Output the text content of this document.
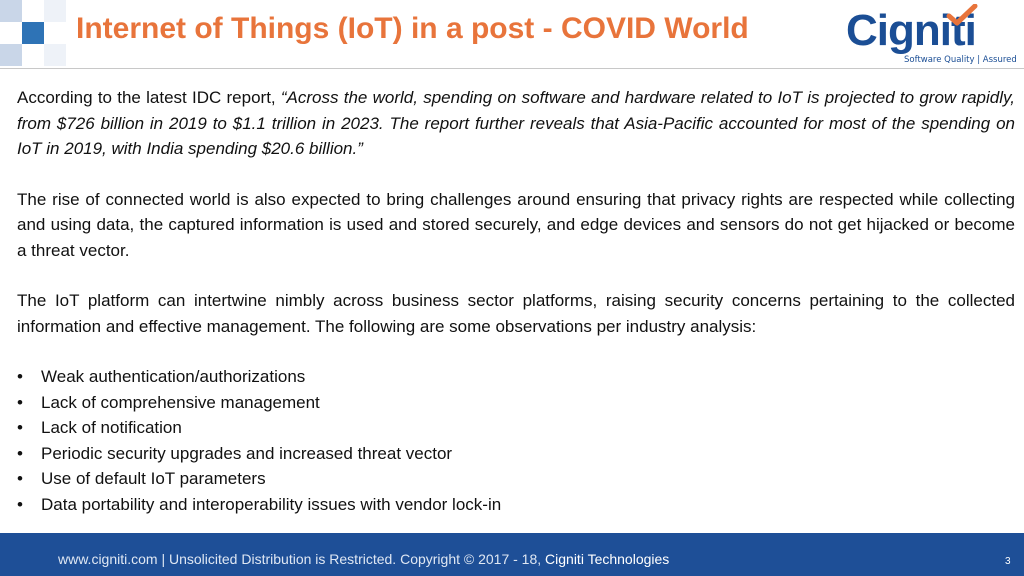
Internet of Things (IoT) in a post - COVID World Cigniti
Software Quality | Assured

According to the latest IDC report, “Across the world, spending on software and hardware related to IoT is projected to grow rapidly, from $726 billion in 2019 to $1.1 trillion in 2023. The report further reveals that Asia-Pacific accounted for most of the spending on IoT in 2019, with India spending $20.6 billion.”

The rise of connected world is also expected to bring challenges around ensuring that privacy rights are respected while collecting and using data, the captured information is used and stored securely, and edge devices and sensors do not get hijacked or become a threat vector.

The IoT platform can intertwine nimbly across business sector platforms, raising security concerns pertaining to the collected information and effective management. The following are some observations per industry analysis:

• Weak authentication/authorizations
• Lack of comprehensive management
• Lack of notification
• Periodic security upgrades and increased threat vector
• Use of default IoT parameters
• Data portability and interoperability issues with vendor lock-in
www.cigniti.com | Unsolicited Distribution is Restricted. Copyright © 2017 - 18, Cigniti Technologies	3
